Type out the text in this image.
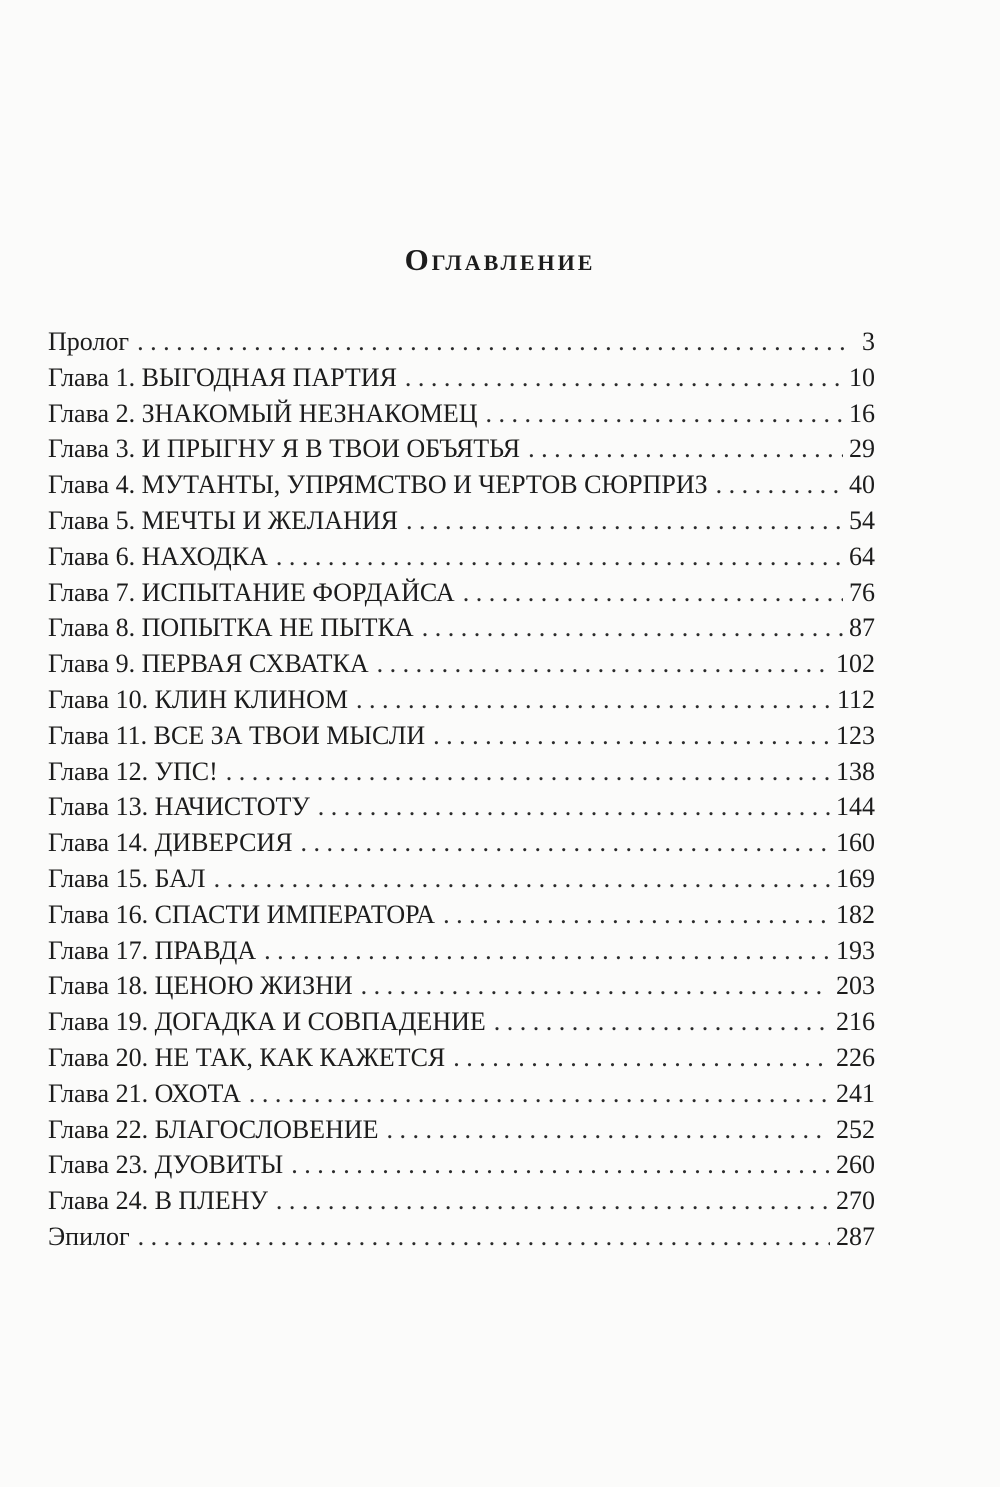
Оглавление
Пролог . . .	3
Глава 1. ВЫГОДНАЯ ПАРТИЯ . . .	10
Глава 2. ЗНАКОМЫЙ НЕЗНАКОМЕЦ . . .	16
Глава 3. И ПРЫГНУ Я В ТВОИ ОБЪЯТЬЯ . . .	29
Глава 4. МУТАНТЫ, УПРЯМСТВО И ЧЕРТОВ СЮРПРИЗ . . .	40
Глава 5. МЕЧТЫ И ЖЕЛАНИЯ . . .	54
Глава 6. НАХОДКА . . .	64
Глава 7. ИСПЫТАНИЕ ФОРДАЙСА . . .	76
Глава 8. ПОПЫТКА НЕ ПЫТКА . . .	87
Глава 9. ПЕРВАЯ СХВАТКА . . .	102
Глава 10. КЛИН КЛИНОМ . . .	112
Глава 11. ВСЕ ЗА ТВОИ МЫСЛИ . . .	123
Глава 12. УПС! . . .	138
Глава 13. НАЧИСТОТУ . . .	144
Глава 14. ДИВЕРСИЯ . . .	160
Глава 15. БАЛ . . .	169
Глава 16. СПАСТИ ИМПЕРАТОРА . . .	182
Глава 17. ПРАВДА . . .	193
Глава 18. ЦЕНОЮ ЖИЗНИ . . .	203
Глава 19. ДОГАДКА И СОВПАДЕНИЕ . . .	216
Глава 20. НЕ ТАК, КАК КАЖЕТСЯ . . .	226
Глава 21. ОХОТА . . .	241
Глава 22. БЛАГОСЛОВЕНИЕ . . .	252
Глава 23. ДУОВИТЫ . . .	260
Глава 24. В ПЛЕНУ . . .	270
Эпилог . . .	287
